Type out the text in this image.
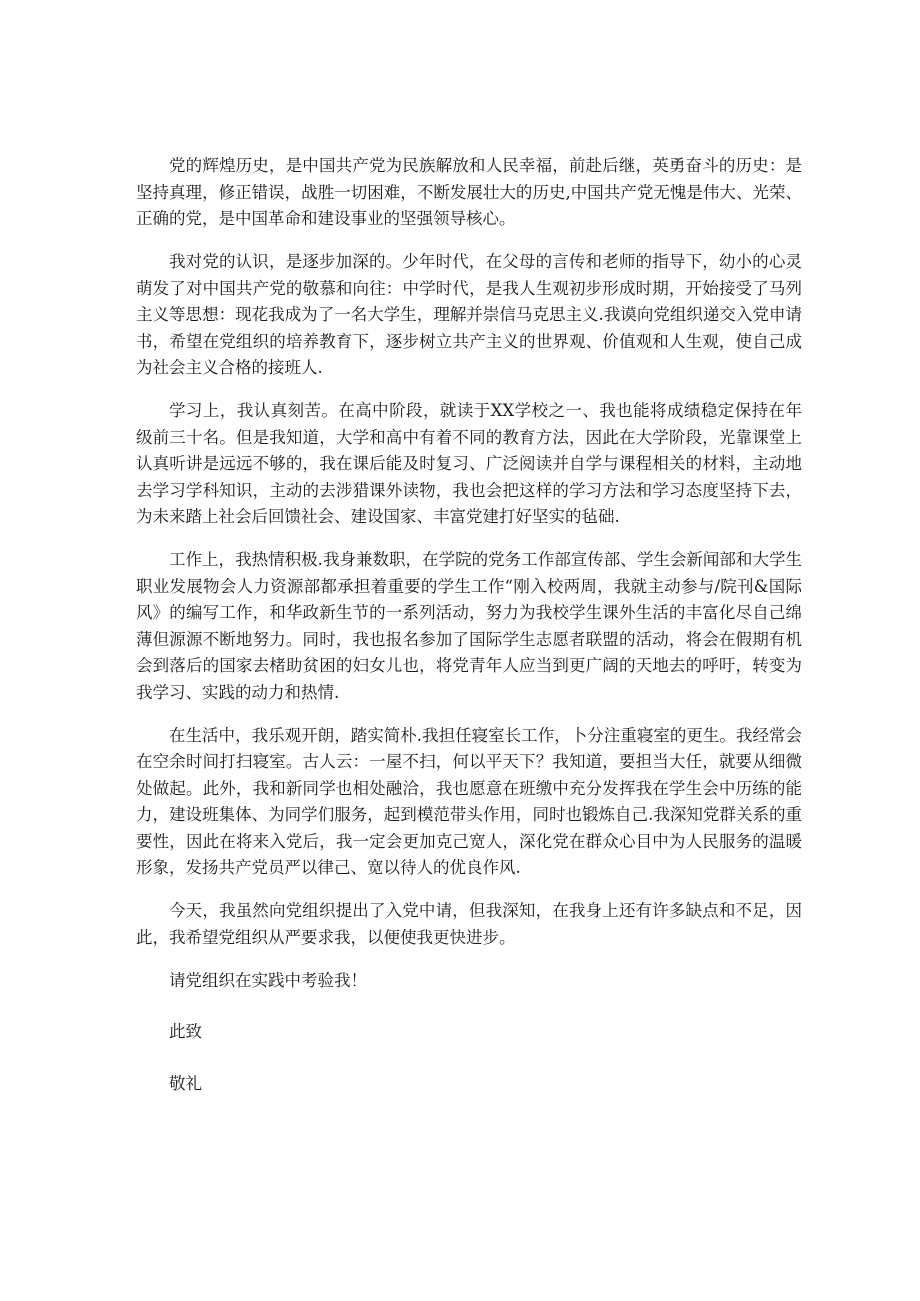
党的辉煌历史，是中国共产党为民族解放和人民幸福，前赴后继，英勇奋斗的历史：是坚持真理，修正错误，战胜一切困难，不断发展壮大的历史,中国共产党无愧是伟大、光荣、正确的党，是中国革命和建设事业的坚强领导核心。

我对党的认识，是逐步加深的。少年时代，在父母的言传和老师的指导下，幼小的心灵萌发了对中国共产党的敬慕和向往：中学时代，是我人生观初步形成时期，开始接受了马列主义等思想：现花我成为了一名大学生，理解并崇信马克思主义.我谟向党组织递交入党申请书，希望在党组织的培养教育下，逐步树立共产主义的世界观、价值观和人生观，使自己成为社会主义合格的接班人.

学习上，我认真刻苦。在高中阶段，就读于XX学校之一、我也能将成绩稳定保持在年级前三十名。但是我知道，大学和高中有着不同的教育方法，因此在大学阶段，光靠课堂上认真听讲是远远不够的，我在课后能及时复习、广泛阅读并自学与课程相关的材料，主动地去学习学科知识，主动的去涉猎课外读物，我也会把这样的学习方法和学习态度坚持下去，为未来踏上社会后回馈社会、建设国家、丰富党建打好坚实的毡础.

工作上，我热情积极.我身兼数职，在学院的党务工作部宣传部、学生会新闻部和大学生职业发展物会人力资源部都承担着重要的学生工作“刚入校两周，我就主动参与/院刊&国际风》的编写工作，和华政新生节的一系列活动，努力为我校学生课外生活的丰富化尽自己绵薄但源源不断地努力。同时，我也报名参加了国际学生志愿者联盟的活动，将会在假期有机会到落后的国家去楮助贫困的妇女儿也，将党青年人应当到更广阔的天地去的呼吁，转变为我学习、实践的动力和热情.

在生活中，我乐观开朗，踏实简朴.我担任寝室长工作，卜分注重寝室的更生。我经常会在空余时间打扫寝室。古人云：一屋不扫，何以平天下？我知道，要担当大任，就要从细微处做起。此外，我和新同学也相处融洽，我也愿意在班缴中充分发挥我在学生会中历练的能力，建设班集体、为同学们服务，起到模范带头作用，同时也锻炼自己.我深知党群关系的重要性，因此在将来入党后，我一定会更加克己宽人，深化党在群众心目中为人民服务的温暖形象，发扬共产党员严以律己、宽以待人的优良作风.

今天，我虽然向党组织提出了入党中请，但我深知，在我身上还有许多缺点和不足，因此，我希望党组织从严要求我，以便使我更快进步。

请党组织在实践中考验我！

此致

敬礼
